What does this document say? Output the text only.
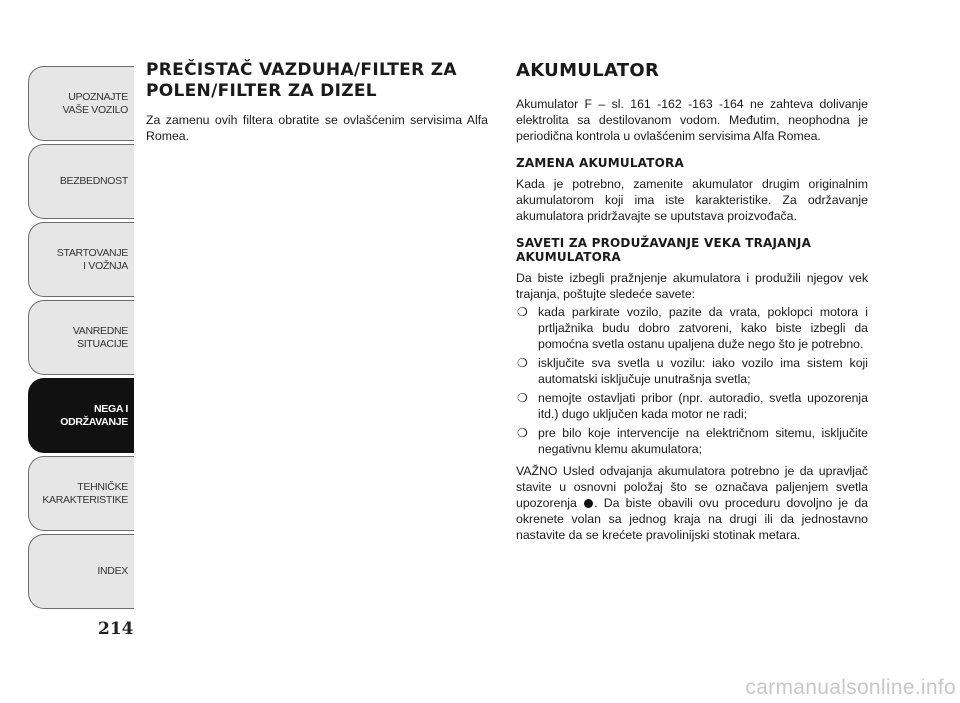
UPOZNAJTE
VAŠE VOZILO
BEZBEDNOST
STARTOVANJE
I VOŽNJA
VANREDNE
SITUACIJE
NEGA I
ODRŽAVANJE
TEHNIČKE
KARAKTERISTIKE
INDEX
214
PREČISTAČ VAZDUHA/FILTER ZA POLEN/FILTER ZA DIZEL

Za zamenu ovih filtera obratite se ovlašćenim servisima Alfa Romea.

AKUMULATOR

Akumulator F – sl. 161 -162 -163 -164 ne zahteva dolivanje elektrolita sa destilovanom vodom. Međutim, neophodna je periodična kontrola u ovlašćenim servisima Alfa Romea.

ZAMENA AKUMULATORA

Kada je potrebno, zamenite akumulator drugim originalnim akumulatorom koji ima iste karakteristike. Za održavanje akumulatora pridržavajte se uputstava proizvođača.

SAVETI ZA PRODUŽAVANJE VEKA TRAJANJA AKUMULATORA

Da biste izbegli pražnjenje akumulatora i produžili njegov vek trajanja, poštujte sledeće savete:

❍ kada parkirate vozilo, pazite da vrata, poklopci motora i prtljažnika budu dobro zatvoreni, kako biste izbegli da pomoćna svetla ostanu upaljena duže nego što je potrebno.
❍ isključite sva svetla u vozilu: iako vozilo ima sistem koji automatski isključuje unutrašnja svetla;
❍ nemojte ostavljati pribor (npr. autoradio, svetla upozorenja itd.) dugo uključen kada motor ne radi;
❍ pre bilo koje intervencije na električnom sitemu, isključite negativnu klemu akumulatora;

VAŽNO Usled odvajanja akumulatora potrebno je da upravljač stavite u osnovni položaj što se označava paljenjem svetla upozorenja . Da biste obavili ovu proceduru dovoljno je da okrenete volan sa jednog kraja na drugi ili da jednostavno nastavite da se krećete pravolinijski stotinak metara.

carmanualsonline.info
